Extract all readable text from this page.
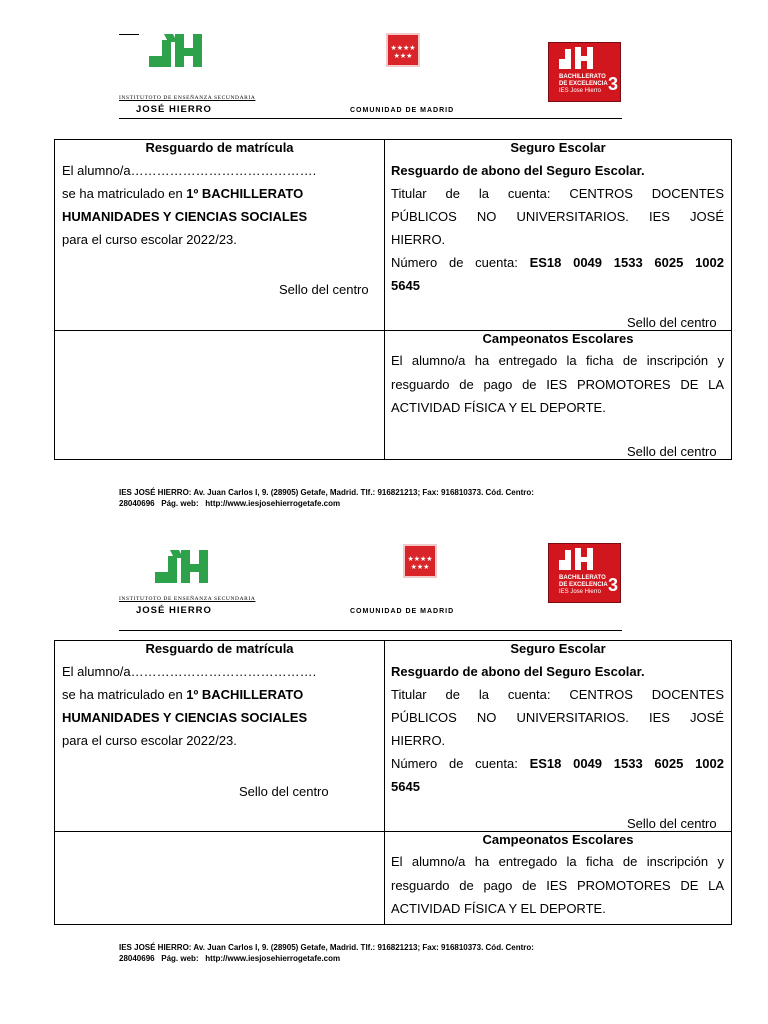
★★★★
★★★
BACHILLERATO
DE EXCELENCIA
IES Jose Hierro 3
INSTITUTOTO DE ENSEÑANZA SECUNDARIA
JOSÉ HIERRO	COMUNIDAD DE MADRID
Resguardo de matrícula
El alumno/a…………………………………….
se ha matriculado en 1º BACHILLERATO
HUMANIDADES Y CIENCIAS SOCIALES
para el curso escolar 2022/23.
Sello del centro
Seguro Escolar
Resguardo de abono del Seguro Escolar.
Titular de la cuenta: CENTROS DOCENTES
PÚBLICOS NO UNIVERSITARIOS. IES JOSÉ
HIERRO.
Número de cuenta: ES18 0049 1533 6025 1002
5645
Sello del centro
Campeonatos Escolares
El alumno/a ha entregado la ficha de inscripción y
resguardo de pago de IES PROMOTORES DE LA
ACTIVIDAD FÍSICA Y EL DEPORTE.
Sello del centro
IES JOSÉ HIERRO: Av. Juan Carlos I, 9. (28905) Getafe, Madrid. Tlf.: 916821213; Fax: 916810373. Cód. Centro:
28040696   Pág. web:   http://www.iesjosehierrogetafe.com
★★★★
★★★
BACHILLERATO
DE EXCELENCIA
IES Jose Hierro 3
INSTITUTOTO DE ENSEÑANZA SECUNDARIA
JOSÉ HIERRO	COMUNIDAD DE MADRID
Resguardo de matrícula
El alumno/a…………………………………….
se ha matriculado en 1º BACHILLERATO
HUMANIDADES Y CIENCIAS SOCIALES
para el curso escolar 2022/23.
Sello del centro
Seguro Escolar
Resguardo de abono del Seguro Escolar.
Titular de la cuenta: CENTROS DOCENTES
PÚBLICOS NO UNIVERSITARIOS. IES JOSÉ
HIERRO.
Número de cuenta: ES18 0049 1533 6025 1002
5645
Sello del centro
Campeonatos Escolares
El alumno/a ha entregado la ficha de inscripción y
resguardo de pago de IES PROMOTORES DE LA
ACTIVIDAD FÍSICA Y EL DEPORTE.
IES JOSÉ HIERRO: Av. Juan Carlos I, 9. (28905) Getafe, Madrid. Tlf.: 916821213; Fax: 916810373. Cód. Centro:
28040696   Pág. web:   http://www.iesjosehierrogetafe.com
